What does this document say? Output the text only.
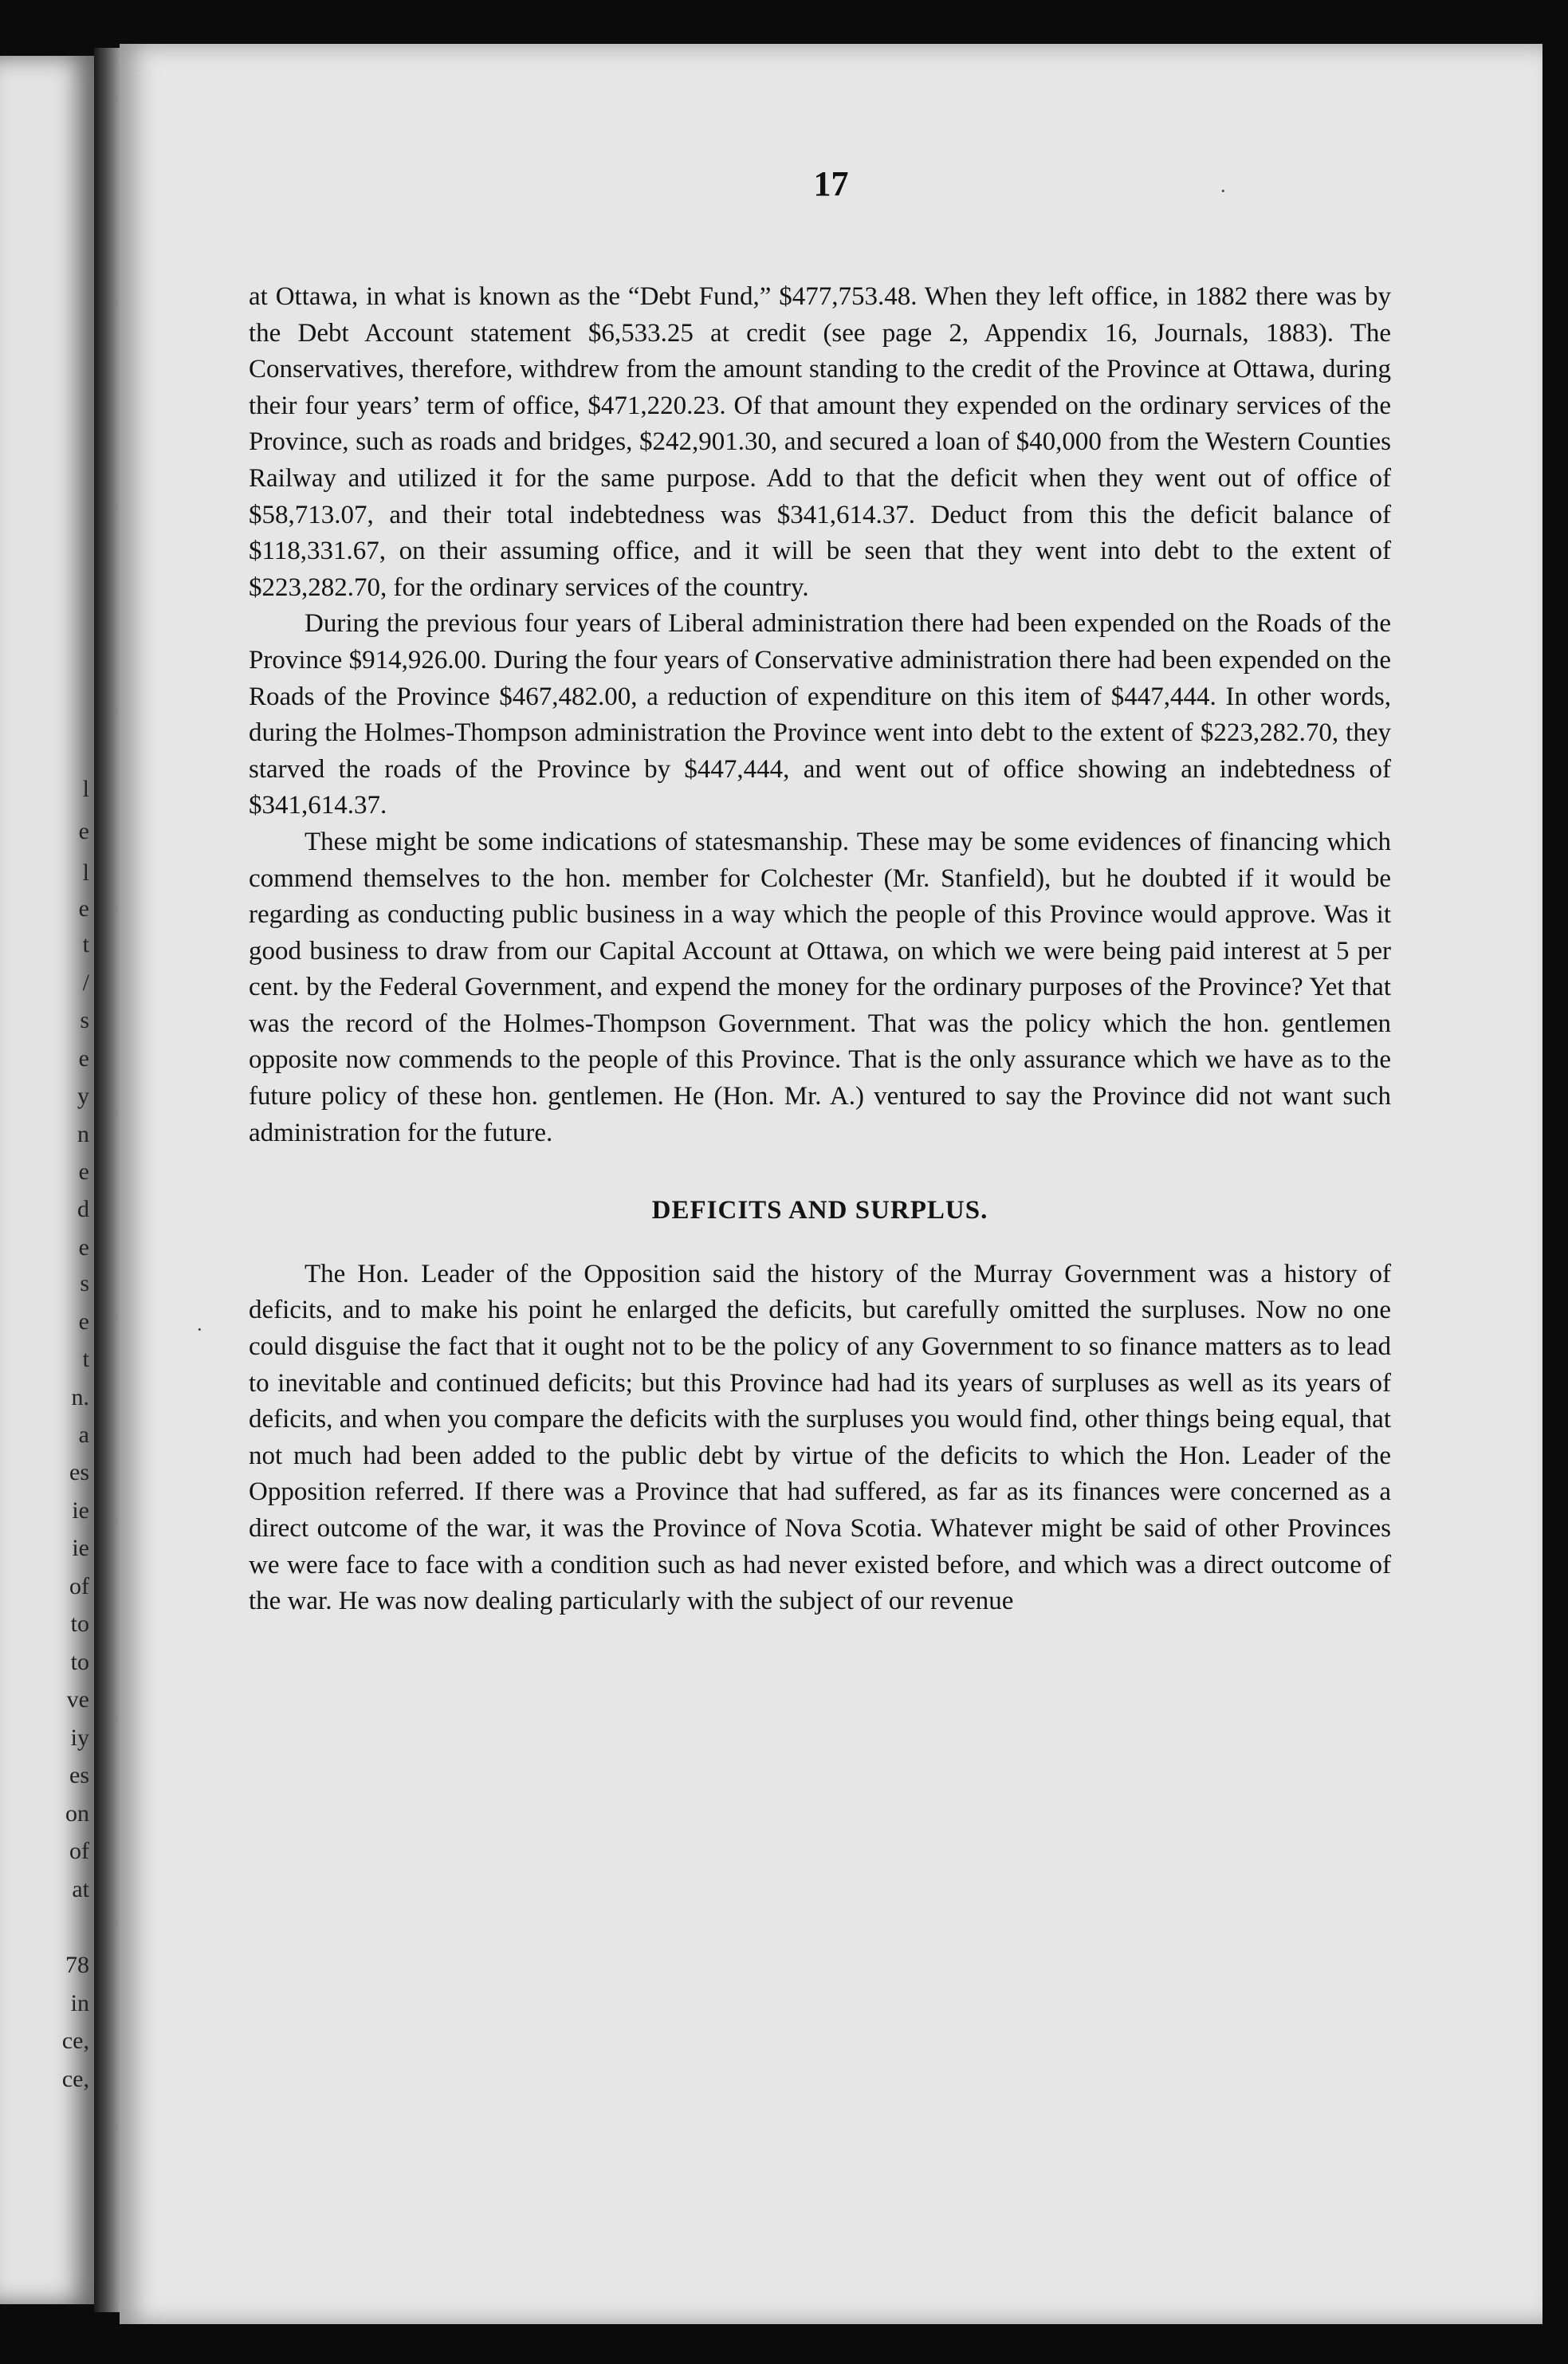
l
e
l
e
t
/
s
e
y
n
e
d
e
s
e
t
n.
a
es
ie
ie
of
to
to
ve
iy
es
on
of
at
78
in
ce,
ce,
17

at Ottawa, in what is known as the “Debt Fund,” $477,753.48. When they left office, in 1882 there was by the Debt Account statement $6,533.25 at credit (see page 2, Appendix 16, Journals, 1883). The Conservatives, therefore, withdrew from the amount standing to the credit of the Province at Ottawa, during their four years’ term of office, $471,220.23. Of that amount they expended on the ordinary services of the Province, such as roads and bridges, $242,901.30, and secured a loan of $40,000 from the Western Counties Railway and utilized it for the same purpose. Add to that the deficit when they went out of office of $58,713.07, and their total indebtedness was $341,614.37. Deduct from this the deficit balance of $118,331.67, on their assuming office, and it will be seen that they went into debt to the extent of $223,282.70, for the ordinary services of the country.

During the previous four years of Liberal administration there had been expended on the Roads of the Province $914,926.00. During the four years of Conservative administration there had been expended on the Roads of the Province $467,482.00, a reduction of expenditure on this item of $447,444. In other words, during the Holmes-Thompson administration the Province went into debt to the extent of $223,282.70, they starved the roads of the Province by $447,444, and went out of office showing an indebtedness of $341,614.37.

These might be some indications of statesmanship. These may be some evidences of financing which commend themselves to the hon. member for Colchester (Mr. Stanfield), but he doubted if it would be regarding as conducting public business in a way which the people of this Province would approve. Was it good business to draw from our Capital Account at Ottawa, on which we were being paid interest at 5 per cent. by the Federal Government, and expend the money for the ordinary purposes of the Province? Yet that was the record of the Holmes-Thompson Government. That was the policy which the hon. gentlemen opposite now commends to the people of this Province. That is the only assurance which we have as to the future policy of these hon. gentlemen. He (Hon. Mr. A.) ventured to say the Province did not want such administration for the future.

DEFICITS AND SURPLUS.

The Hon. Leader of the Opposition said the history of the Murray Government was a history of deficits, and to make his point he enlarged the deficits, but carefully omitted the surpluses. Now no one could disguise the fact that it ought not to be the policy of any Government to so finance matters as to lead to inevitable and continued deficits; but this Province had had its years of surpluses as well as its years of deficits, and when you compare the deficits with the surpluses you would find, other things being equal, that not much had been added to the public debt by virtue of the deficits to which the Hon. Leader of the Opposition referred. If there was a Province that had suffered, as far as its finances were concerned as a direct outcome of the war, it was the Province of Nova Scotia. Whatever might be said of other Provinces we were face to face with a condition such as had never existed before, and which was a direct outcome of the war. He was now dealing particularly with the subject of our revenue

·
·
